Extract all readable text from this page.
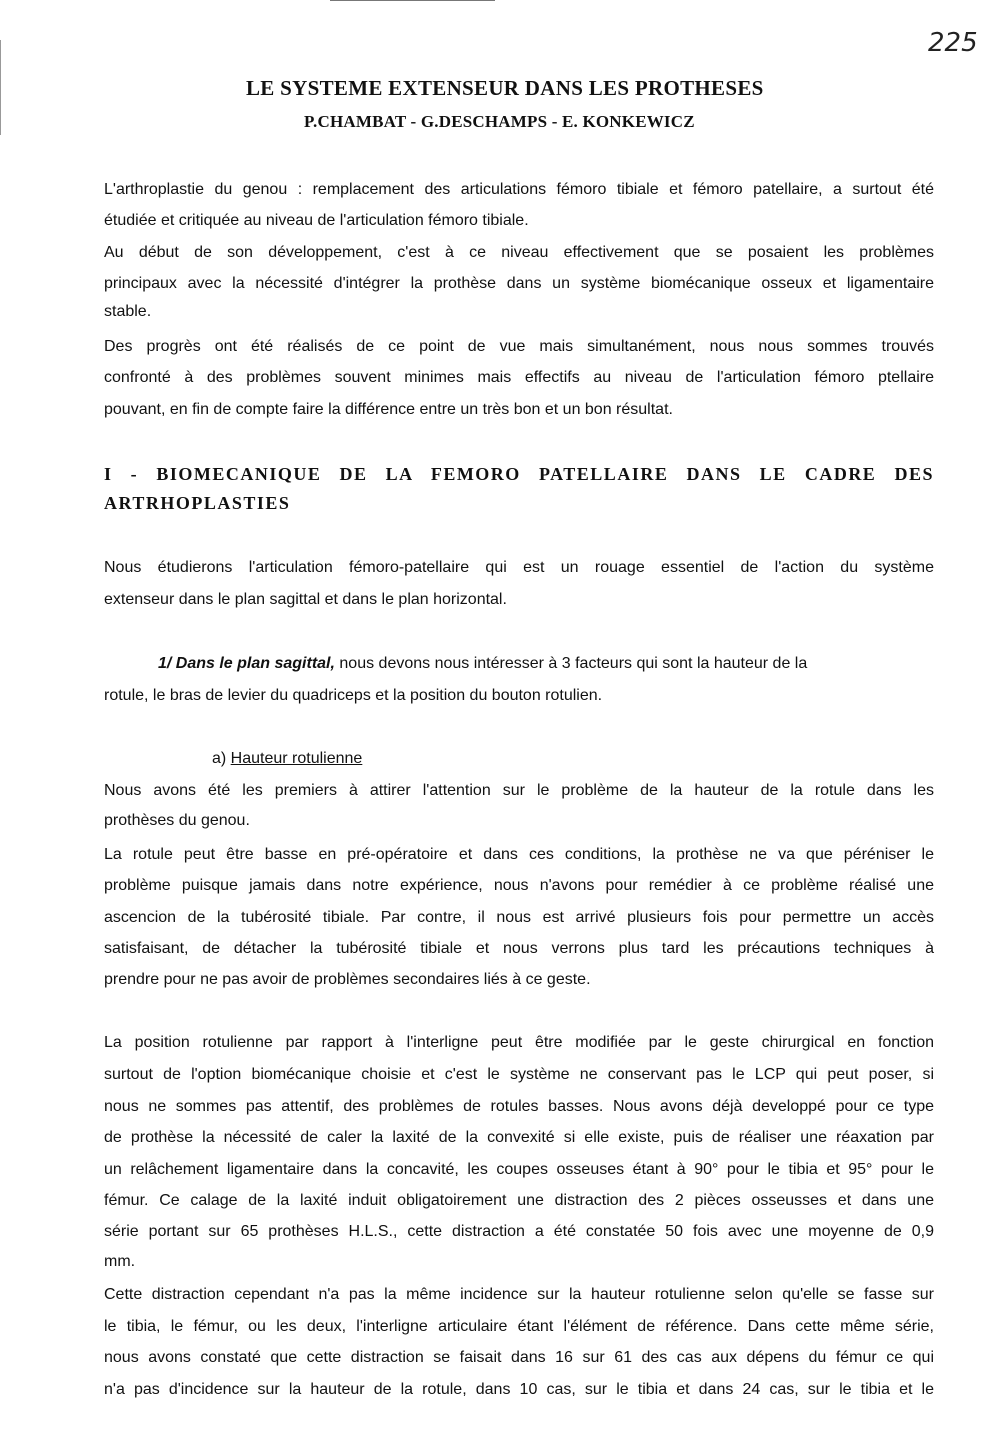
225
LE SYSTEME EXTENSEUR DANS LES PROTHESES
P.CHAMBAT - G.DESCHAMPS - E. KONKEWICZ
L'arthroplastie du genou : remplacement des articulations fémoro tibiale et fémoro patellaire, a surtout été
étudiée et critiquée au niveau de l'articulation fémoro tibiale.
Au début de son développement, c'est à ce niveau effectivement que se posaient les problèmes
principaux avec la nécessité d'intégrer la prothèse dans un système biomécanique osseux et ligamentaire
stable.
Des progrès ont été réalisés de ce point de vue mais simultanément, nous nous sommes trouvés
confronté à des problèmes souvent minimes mais effectifs au niveau de l'articulation fémoro ptellaire
pouvant, en fin de compte faire la différence entre un très bon et un bon résultat.
I - BIOMECANIQUE DE LA FEMORO PATELLAIRE DANS LE CADRE DES
ARTRHOPLASTIES
Nous étudierons l'articulation fémoro-patellaire qui est un rouage essentiel de l'action du système
extenseur dans le plan sagittal et dans le plan horizontal.
1/ Dans le plan sagittal, nous devons nous intéresser à 3 facteurs qui sont la hauteur de la
rotule, le bras de levier du quadriceps et la position du bouton rotulien.
a) Hauteur rotulienne
Nous avons été les premiers à attirer l'attention sur le problème de la hauteur de la rotule dans les
prothèses du genou.
La rotule peut être basse en pré-opératoire et dans ces conditions, la prothèse ne va que péréniser le
problème puisque jamais dans notre expérience, nous n'avons pour remédier à ce problème réalisé une
ascencion de la tubérosité tibiale. Par contre, il nous est arrivé plusieurs fois pour permettre un accès
satisfaisant, de détacher la tubérosité tibiale et nous verrons plus tard les précautions techniques à
prendre pour ne pas avoir de problèmes secondaires liés à ce geste.
La position rotulienne par rapport à l'interligne peut être modifiée par le geste chirurgical en fonction
surtout de l'option biomécanique choisie et c'est le système ne conservant pas le LCP qui peut poser, si
nous ne sommes pas attentif, des problèmes de rotules basses. Nous avons déjà developpé pour ce type
de prothèse la nécessité de caler la laxité de la convexité si elle existe, puis de réaliser une réaxation par
un relâchement ligamentaire dans la concavité, les coupes osseuses étant à 90° pour le tibia et 95° pour le
fémur. Ce calage de la laxité induit obligatoirement une distraction des 2 pièces osseusses et dans une
série portant sur 65 prothèses H.L.S., cette distraction a été constatée 50 fois avec une moyenne de 0,9
mm.
Cette distraction cependant n'a pas la même incidence sur la hauteur rotulienne selon qu'elle se fasse sur
le tibia, le fémur, ou les deux, l'interligne articulaire étant l'élément de référence. Dans cette même série,
nous avons constaté que cette distraction se faisait dans 16 sur 61 des cas aux dépens du fémur ce qui
n'a pas d'incidence sur la hauteur de la rotule, dans 10 cas, sur le tibia et dans 24 cas, sur le tibia et le
